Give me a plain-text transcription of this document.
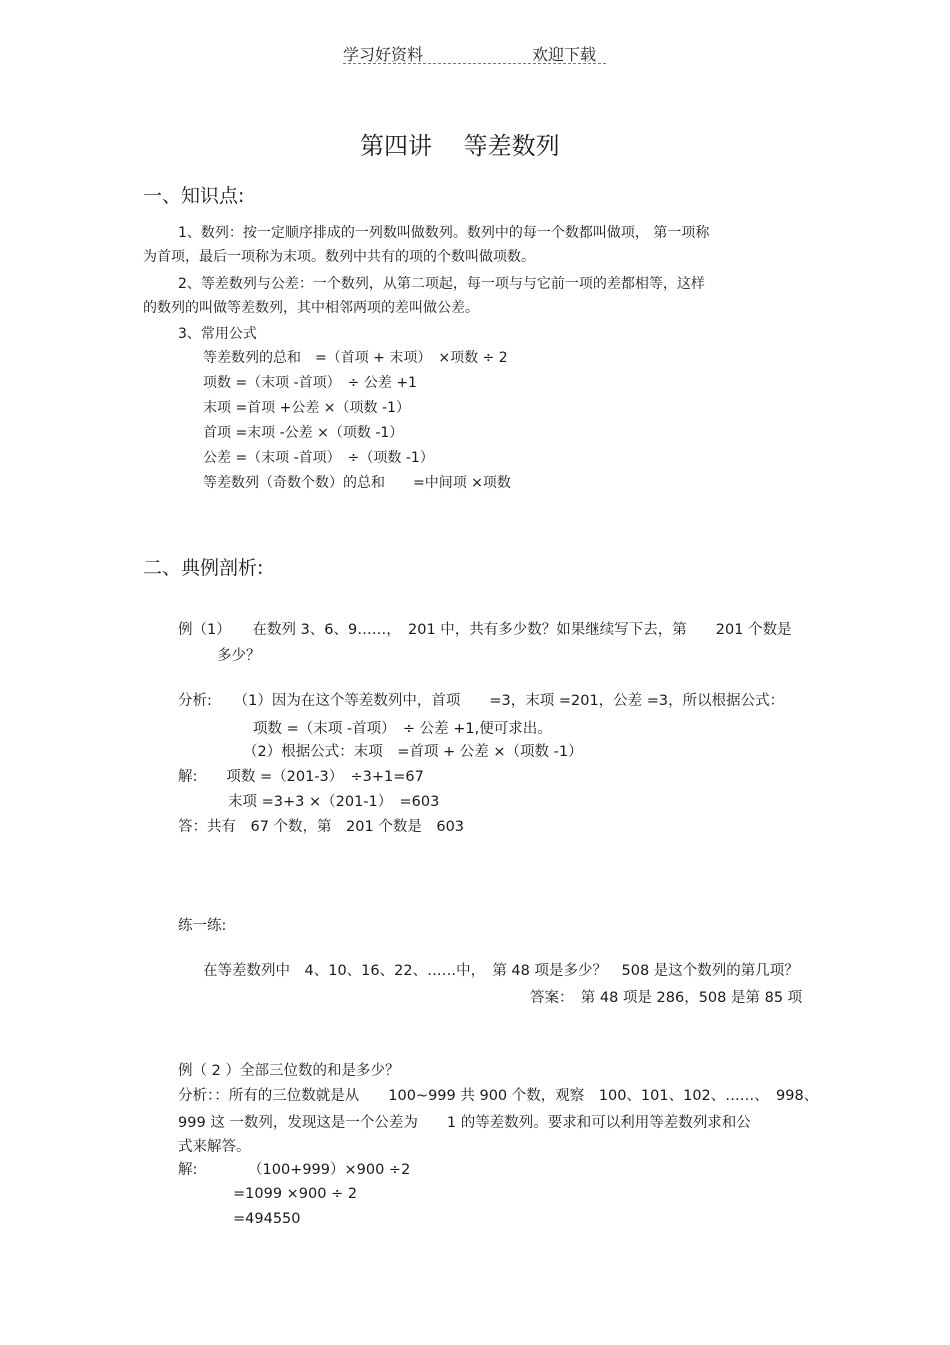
学习好资料	欢迎下载
第四讲　 等差数列
一、知识点:
1、数列：按一定顺序排成的一列数叫做数列。数列中的每一个数都叫做项， 第一项称
为首项，最后一项称为末项。数列中共有的项的个数叫做项数。
2、等差数列与公差：一个数列，从第二项起，每一项与与它前一项的差都相等，这样
的数列的叫做等差数列，其中相邻两项的差叫做公差。
3、常用公式
等差数列的总和　=（首项 + 末项）　×项数 ÷ 2
项数 =（末项 -首项）　÷ 公差 +1
末项 =首项 +公差 ×（项数 -1）
首项 =末项 -公差 ×（项数 -1）
公差 =（末项 -首项）　÷（项数 -1）
等差数列（奇数个数）的总和　　=中间项 ×项数
二、典例剖析:
例（1）　　在数列 3、6、9……，　201 中，共有多少数？如果继续写下去，第　　201 个数是
多少？
分析:　　（1）因为在这个等差数列中，首项　　=3，末项 =201，公差 =3，所以根据公式：
项数 =（末项 -首项）　÷ 公差 +1,便可求出。
（2）根据公式：末项　=首项 + 公差 ×（项数 -1）
解:　　项数 =（201-3）　÷3+1=67
末项 =3+3 ×（201-1）　=603
答：共有　67 个数，第　201 个数是　603
练一练:
在等差数列中　4、10、16、22、……中，　第 48 项是多少？　508 是这个数列的第几项？
答案：　第 48 项是 286，508 是第 85 项
例（ 2 ）全部三位数的和是多少？
分析：：所有的三位数就是从　　100~999 共 900 个数，观察　100、101、102、……、　998、
999 这 一数列，发现这是一个公差为　　1 的等差数列。要求和可以利用等差数列求和公
式来解答。
解:	（100+999）×900 ÷2
=1099 ×900 ÷ 2
=494550
